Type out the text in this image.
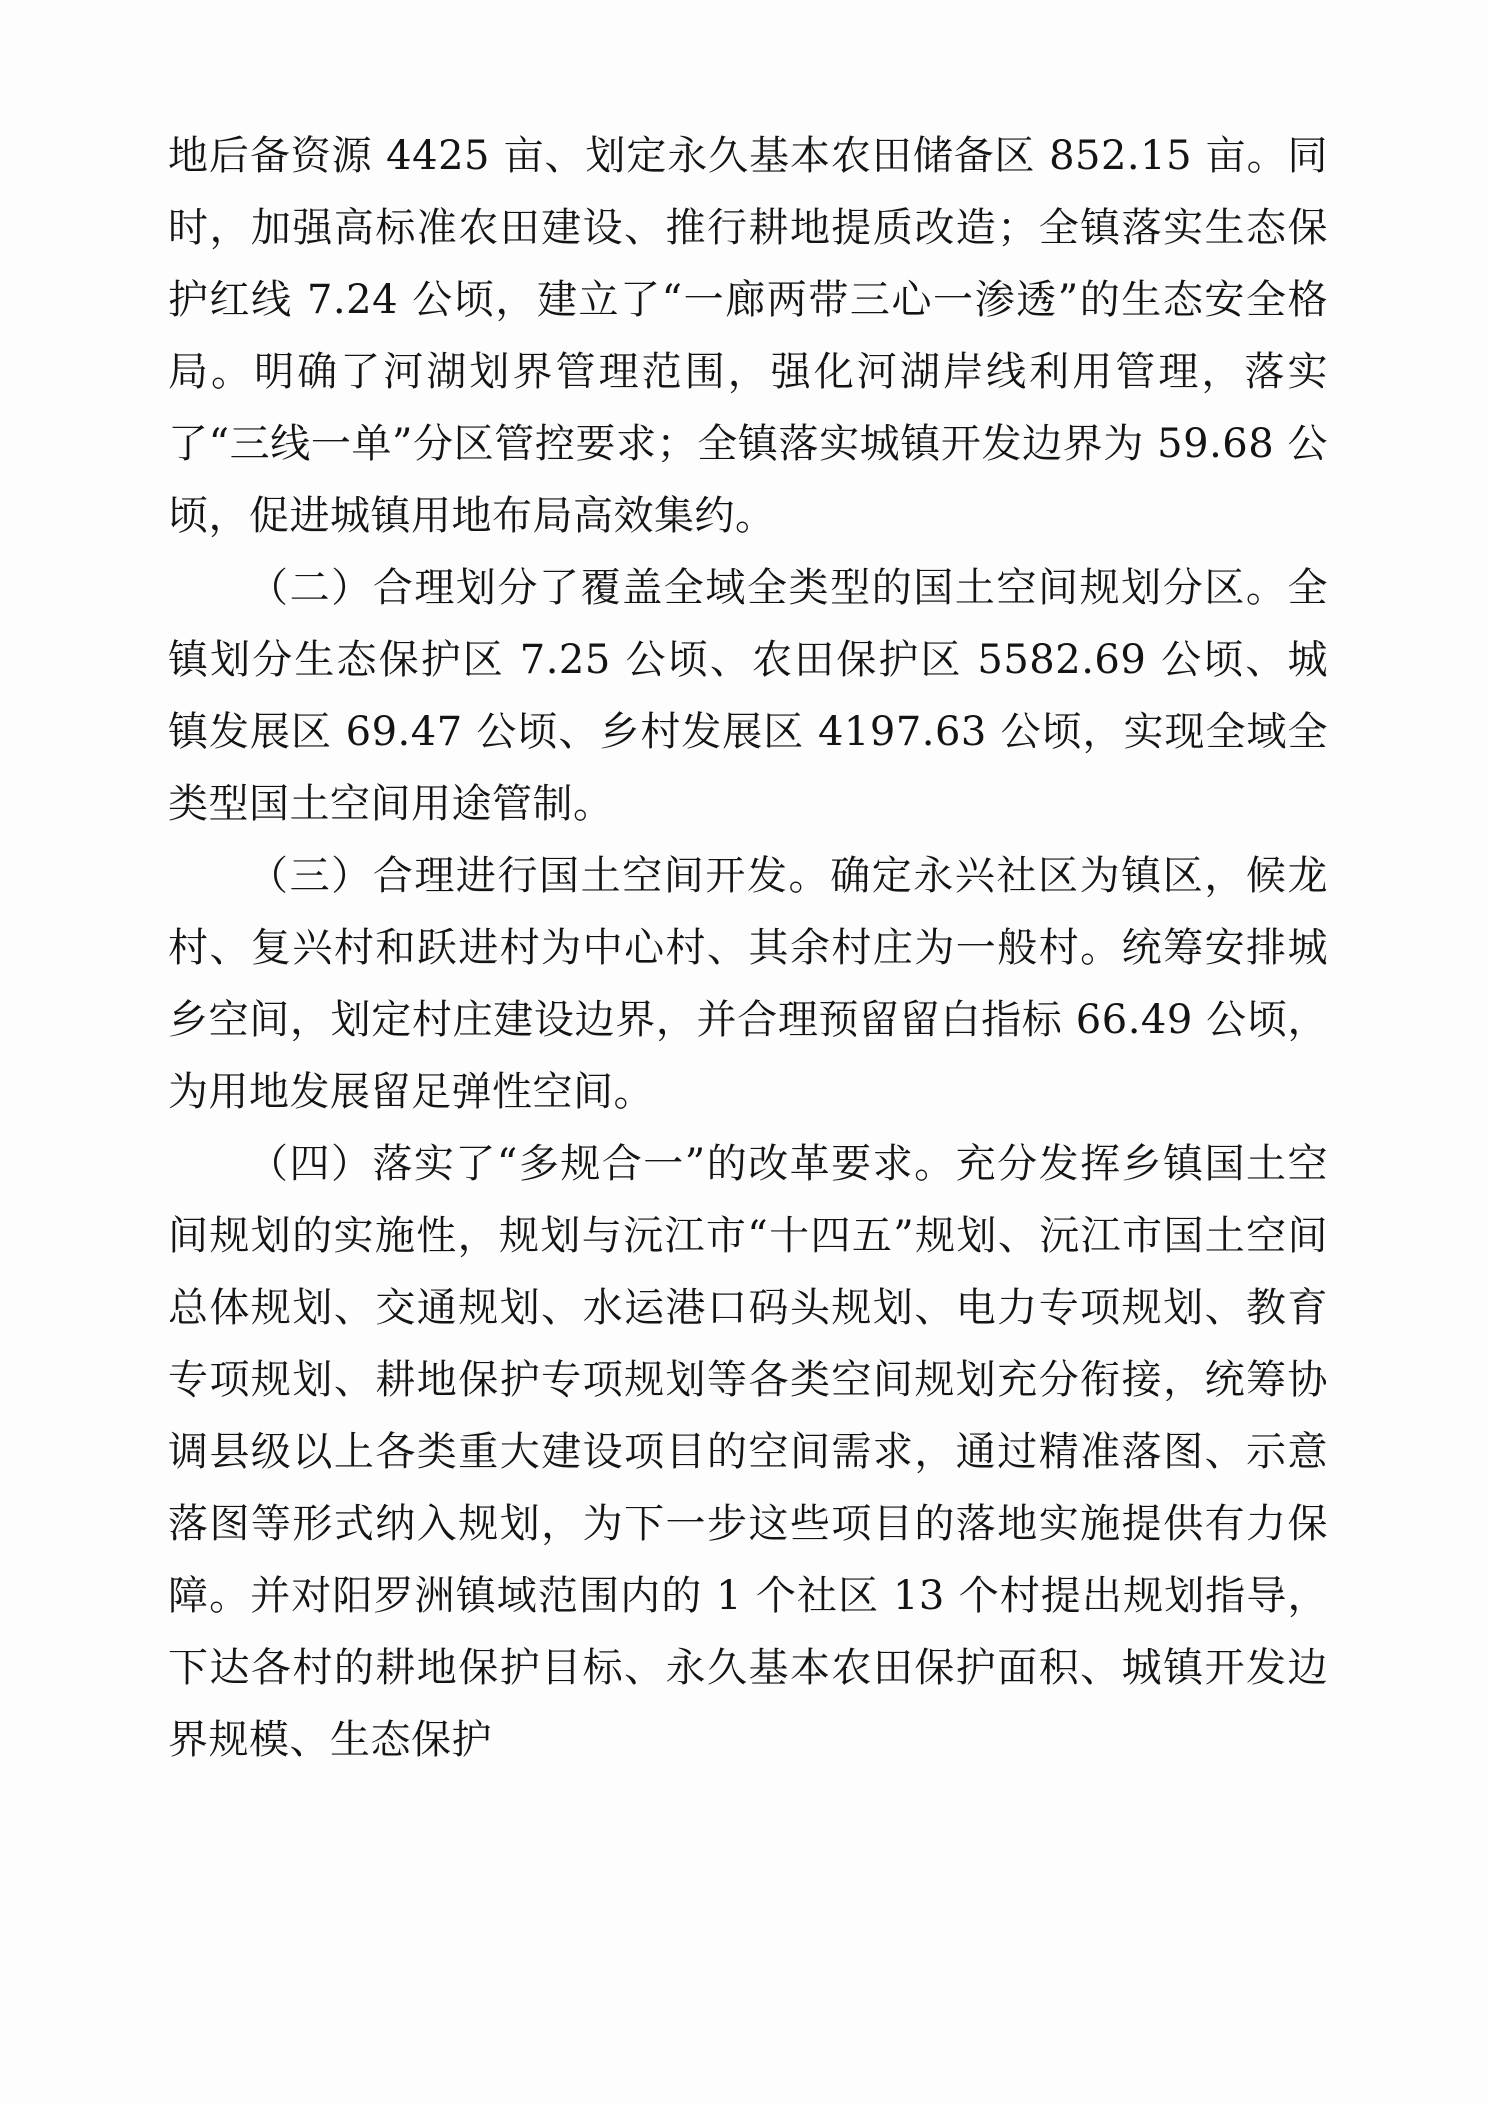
地后备资源 4425 亩、划定永久基本农田储备区 852.15 亩。同时，加强高标准农田建设、推行耕地提质改造；全镇落实生态保护红线 7.24 公顷，建立了“一廊两带三心一渗透”的生态安全格局。明确了河湖划界管理范围，强化河湖岸线利用管理，落实了“三线一单”分区管控要求；全镇落实城镇开发边界为 59.68 公顷，促进城镇用地布局高效集约。

（二）合理划分了覆盖全域全类型的国土空间规划分区。全镇划分生态保护区 7.25 公顷、农田保护区 5582.69 公顷、城镇发展区 69.47 公顷、乡村发展区 4197.63 公顷，实现全域全类型国土空间用途管制。

（三）合理进行国土空间开发。确定永兴社区为镇区，候龙村、复兴村和跃进村为中心村、其余村庄为一般村。统筹安排城乡空间，划定村庄建设边界，并合理预留留白指标 66.49 公顷，为用地发展留足弹性空间。

（四）落实了“多规合一”的改革要求。充分发挥乡镇国土空间规划的实施性，规划与沅江市“十四五”规划、沅江市国土空间总体规划、交通规划、水运港口码头规划、电力专项规划、教育专项规划、耕地保护专项规划等各类空间规划充分衔接，统筹协调县级以上各类重大建设项目的空间需求，通过精准落图、示意落图等形式纳入规划，为下一步这些项目的落地实施提供有力保障。并对阳罗洲镇域范围内的 1 个社区 13 个村提出规划指导，下达各村的耕地保护目标、永久基本农田保护面积、城镇开发边界规模、生态保护
